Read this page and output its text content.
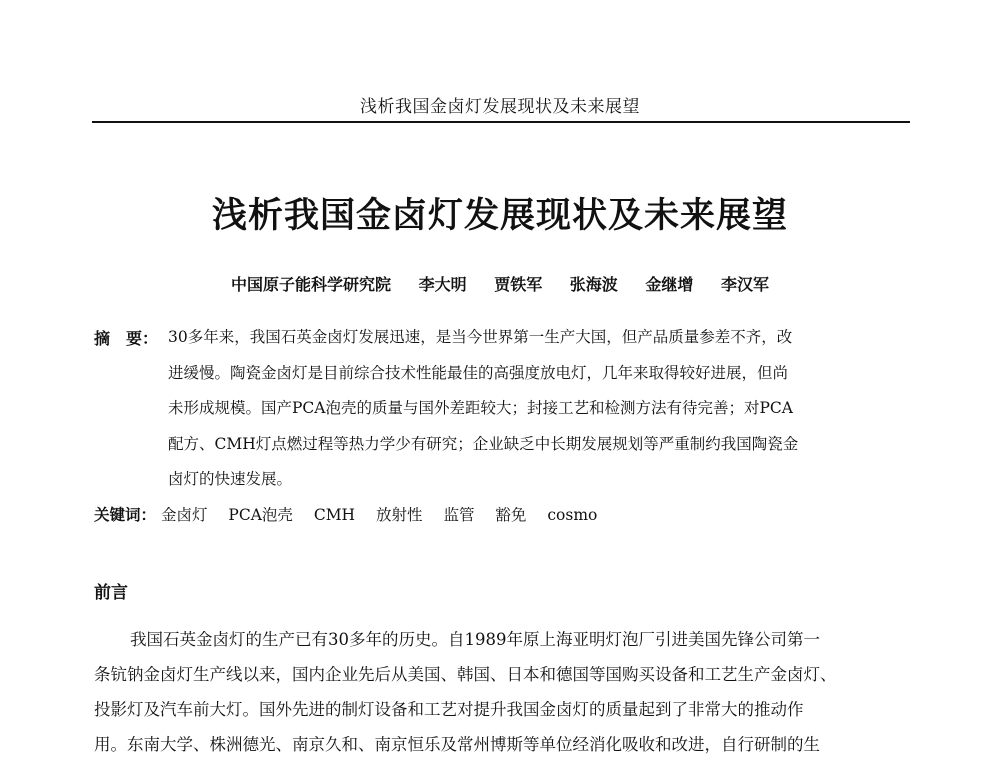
浅析我国金卤灯发展现状及未来展望
浅析我国金卤灯发展现状及未来展望
中国原子能科学研究院 李大明 贾铁军 张海波 金继增 李汉军
摘　要： 30多年来，我国石英金卤灯发展迅速，是当今世界第一生产大国，但产品质量参差不齐，改
进缓慢。陶瓷金卤灯是目前综合技术性能最佳的高强度放电灯，几年来取得较好进展，但尚
未形成规模。国产PCA泡壳的质量与国外差距较大；封接工艺和检测方法有待完善；对PCA
配方、CMH灯点燃过程等热力学少有研究；企业缺乏中长期发展规划等严重制约我国陶瓷金
卤灯的快速发展。
关键词： 金卤灯 PCA泡壳 CMH 放射性 监管 豁免 cosmo
前言
我国石英金卤灯的生产已有30多年的历史。自1989年原上海亚明灯泡厂引进美国先锋公司第一
条钪钠金卤灯生产线以来，国内企业先后从美国、韩国、日本和德国等国购买设备和工艺生产金卤灯、
投影灯及汽车前大灯。国外先进的制灯设备和工艺对提升我国金卤灯的质量起到了非常大的推动作
用。东南大学、株洲德光、南京久和、南京恒乐及常州博斯等单位经消化吸收和改进，自行研制的生
